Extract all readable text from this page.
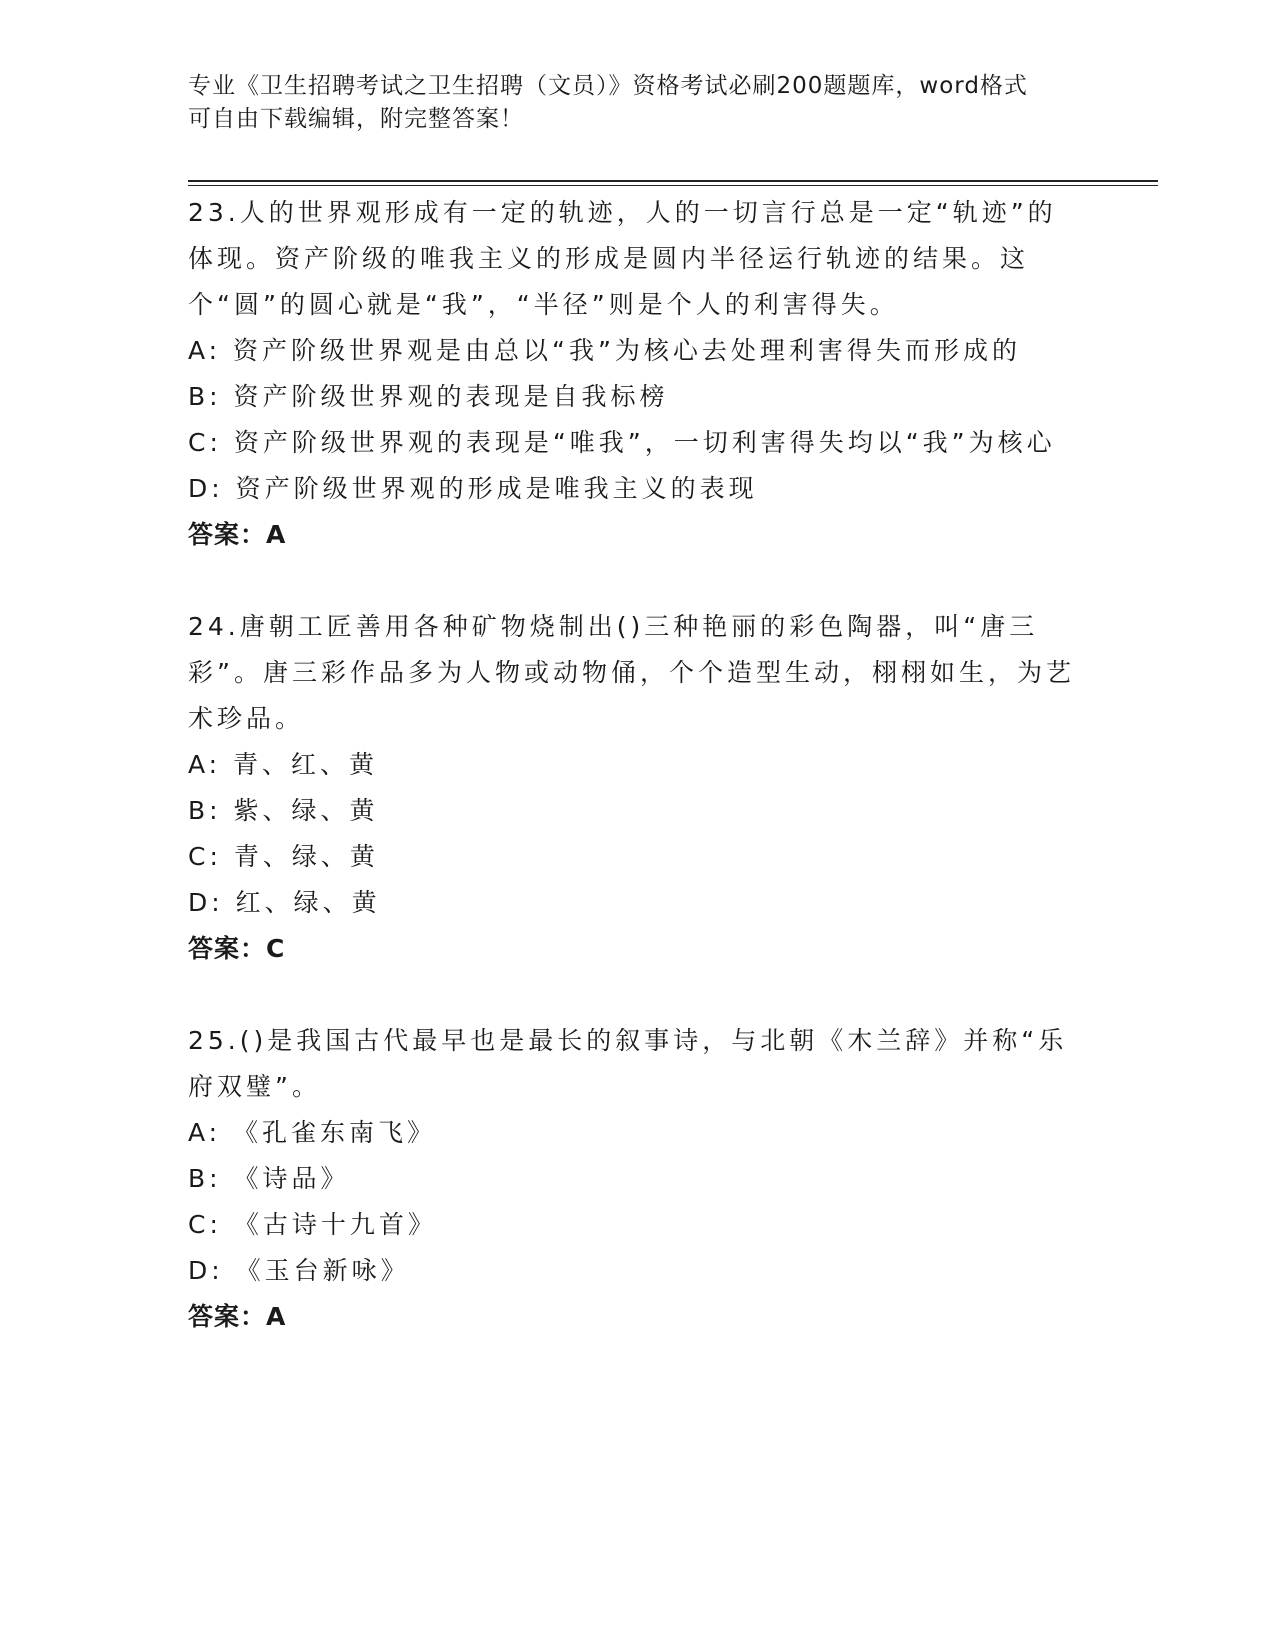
专业《卫生招聘考试之卫生招聘（文员）》资格考试必刷200题题库，word格式
可自由下载编辑，附完整答案！
23.人的世界观形成有一定的轨迹，人的一切言行总是一定“轨迹”的体现。资产阶级的唯我主义的形成是圆内半径运行轨迹的结果。这个“圆”的圆心就是“我”，“半径”则是个人的利害得失。
A: 资产阶级世界观是由总以“我”为核心去处理利害得失而形成的
B: 资产阶级世界观的表现是自我标榜
C: 资产阶级世界观的表现是“唯我”，一切利害得失均以“我”为核心
D: 资产阶级世界观的形成是唯我主义的表现
答案：A
24.唐朝工匠善用各种矿物烧制出()三种艳丽的彩色陶器，叫“唐三彩”。唐三彩作品多为人物或动物俑，个个造型生动，栩栩如生，为艺术珍品。
A: 青、红、黄
B: 紫、绿、黄
C: 青、绿、黄
D: 红、绿、黄
答案：C
25.()是我国古代最早也是最长的叙事诗，与北朝《木兰辞》并称“乐府双璧”。
A: 《孔雀东南飞》
B: 《诗品》
C: 《古诗十九首》
D: 《玉台新咏》
答案：A
